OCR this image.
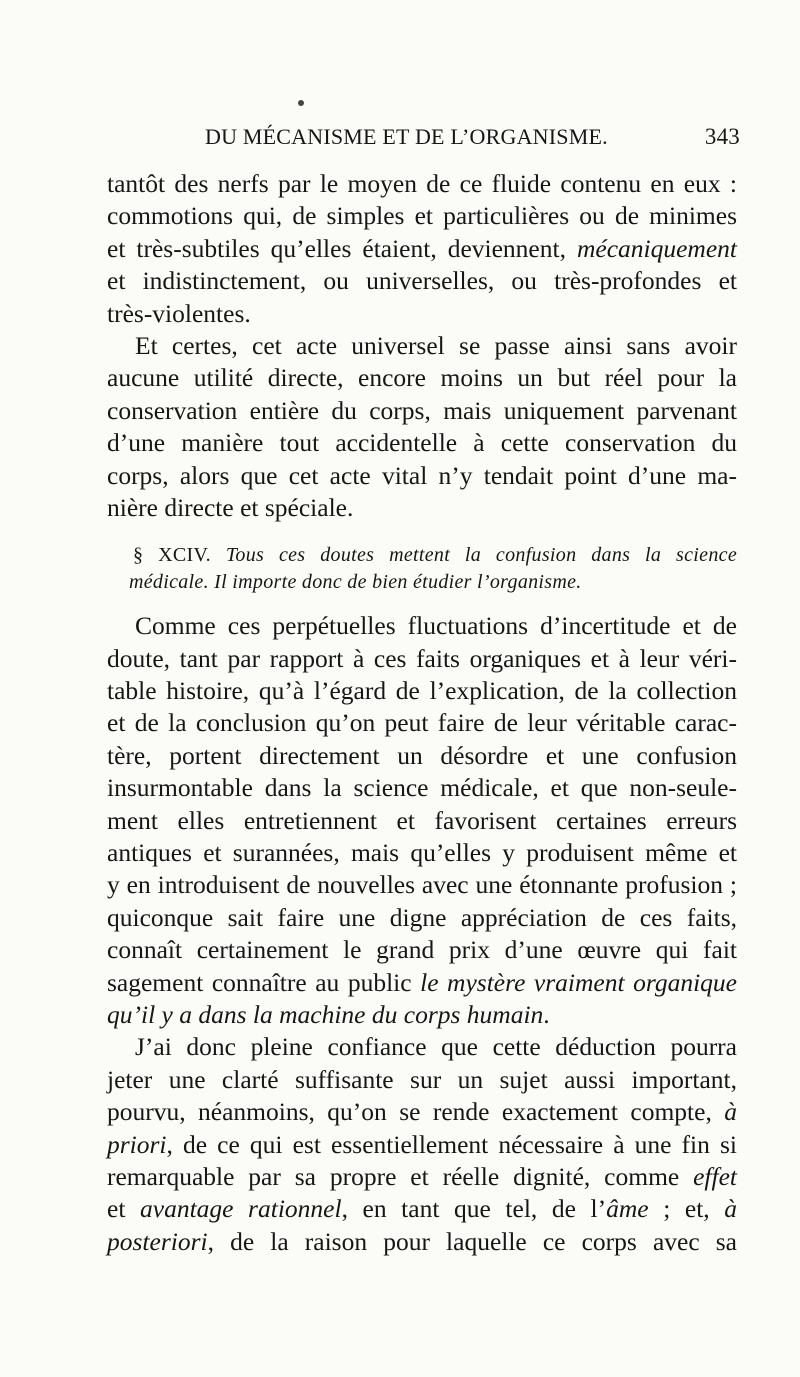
DU MÉCANISME ET DE L’ORGANISME.	343
tantôt des nerfs par le moyen de ce fluide contenu en eux :
commotions qui, de simples et particulières ou de minimes
et très-subtiles qu’elles étaient, deviennent, mécaniquement
et indistinctement, ou universelles, ou très-profondes et
très-violentes.
Et certes, cet acte universel se passe ainsi sans avoir
aucune utilité directe, encore moins un but réel pour la
conservation entière du corps, mais uniquement parvenant
d’une manière tout accidentelle à cette conservation du
corps, alors que cet acte vital n’y tendait point d’une ma-
nière directe et spéciale.
§ XCIV. Tous ces doutes mettent la confusion dans la science
médicale. Il importe donc de bien étudier l’organisme.
Comme ces perpétuelles fluctuations d’incertitude et de
doute, tant par rapport à ces faits organiques et à leur véri-
table histoire, qu’à l’égard de l’explication, de la collection
et de la conclusion qu’on peut faire de leur véritable carac-
tère, portent directement un désordre et une confusion
insurmontable dans la science médicale, et que non-seule-
ment elles entretiennent et favorisent certaines erreurs
antiques et surannées, mais qu’elles y produisent même et
y en introduisent de nouvelles avec une étonnante profusion ;
quiconque sait faire une digne appréciation de ces faits,
connaît certainement le grand prix d’une œuvre qui fait
sagement connaître au public le mystère vraiment organique
qu’il y a dans la machine du corps humain.
J’ai donc pleine confiance que cette déduction pourra
jeter une clarté suffisante sur un sujet aussi important,
pourvu, néanmoins, qu’on se rende exactement compte, à
priori, de ce qui est essentiellement nécessaire à une fin si
remarquable par sa propre et réelle dignité, comme effet
et avantage rationnel, en tant que tel, de l’âme ; et, à
posteriori, de la raison pour laquelle ce corps avec sa
